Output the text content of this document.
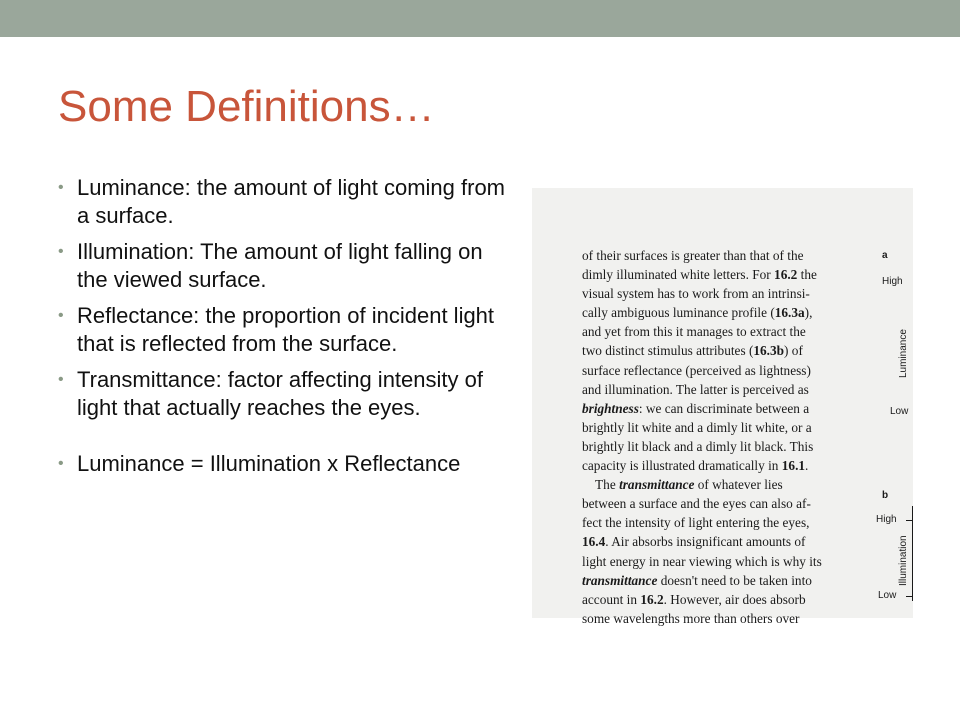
Some Definitions…
• Luminance: the amount of light coming from a surface.
• Illumination: The amount of light falling on the viewed surface.
• Reflectance: the proportion of incident light that is reflected from the surface.
• Transmittance: factor affecting intensity of light that actually reaches the eyes.
• Luminance = Illumination x Reflectance
of their surfaces is greater than that of the
dimly illuminated white letters. For 16.2 the
visual system has to work from an intrinsi-
cally ambiguous luminance profile (16.3a),
and yet from this it manages to extract the
two distinct stimulus attributes (16.3b) of
surface reflectance (perceived as lightness)
and illumination. The latter is perceived as
brightness: we can discriminate between a
brightly lit white and a dimly lit white, or a
brightly lit black and a dimly lit black. This
capacity is illustrated dramatically in 16.1.
The transmittance of whatever lies
between a surface and the eyes can also af-
fect the intensity of light entering the eyes,
16.4. Air absorbs insignificant amounts of
light energy in near viewing which is why its
transmittance doesn't need to be taken into
account in 16.2. However, air does absorb
some wavelengths more than others over
a
High
Luminance
Low
b
High
Illumination
Low
